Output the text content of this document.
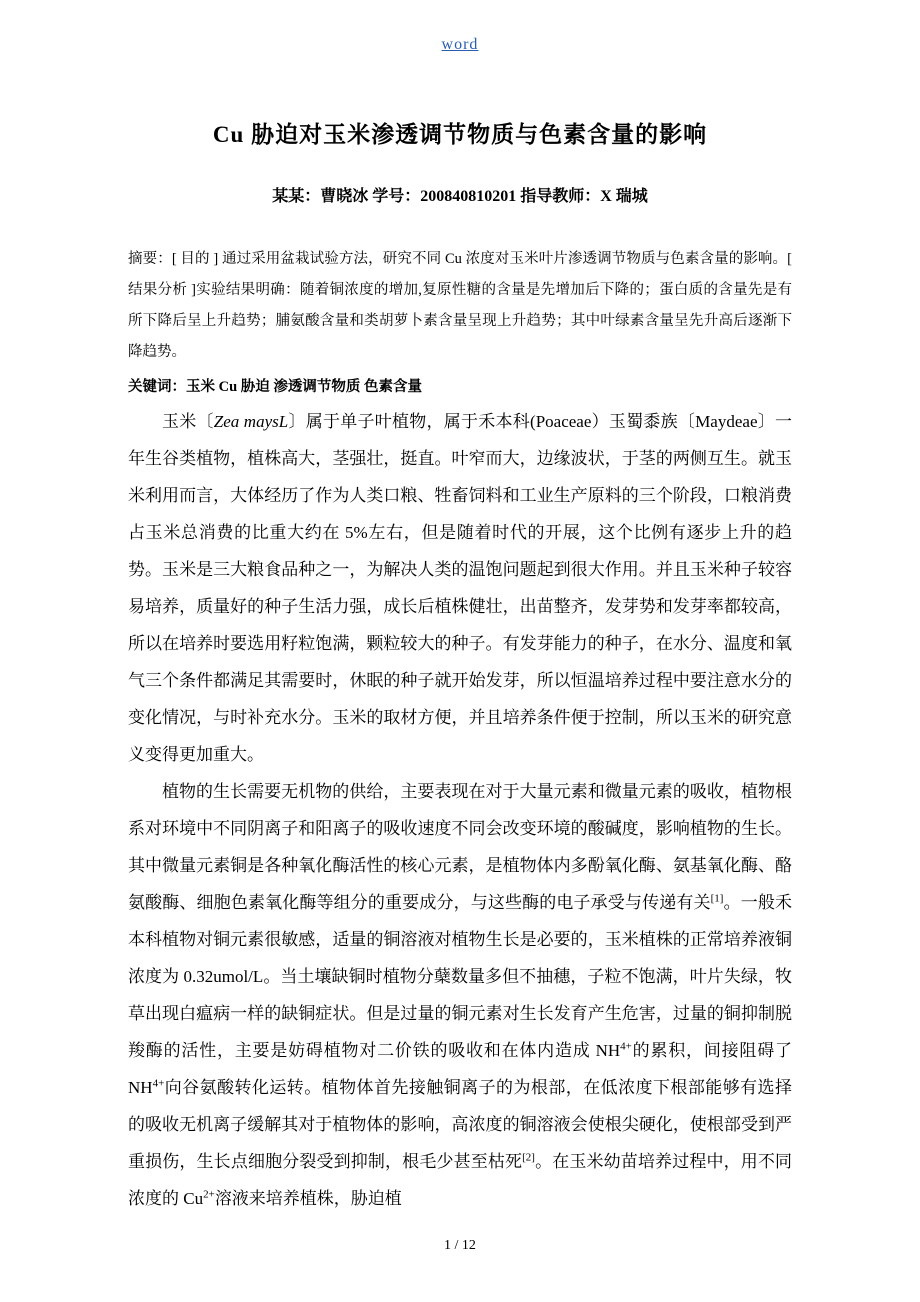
word
Cu 胁迫对玉米渗透调节物质与色素含量的影响
某某：曹晓冰 学号：200840810201 指导教师：X 瑞城

摘要：[ 目的 ] 通过采用盆栽试验方法，研究不同 Cu 浓度对玉米叶片渗透调节物质与色素含量的影响。[ 结果分析 ]实验结果明确：随着铜浓度的增加,复原性糖的含量是先增加后下降的；蛋白质的含量先是有所下降后呈上升趋势；脯氨酸含量和类胡萝卜素含量呈现上升趋势；其中叶绿素含量呈先升高后逐渐下降趋势。

关键词：玉米 Cu 胁迫 渗透调节物质 色素含量

玉米〔Zea maysL〕属于单子叶植物，属于禾本科(Poaceae）玉蜀黍族〔Maydeae〕一年生谷类植物，植株高大，茎强壮，挺直。叶窄而大，边缘波状，于茎的两侧互生。就玉米利用而言，大体经历了作为人类口粮、牲畜饲料和工业生产原料的三个阶段，口粮消费占玉米总消费的比重大约在 5%左右，但是随着时代的开展，这个比例有逐步上升的趋势。玉米是三大粮食品种之一，为解决人类的温饱问题起到很大作用。并且玉米种子较容易培养，质量好的种子生活力强，成长后植株健壮，出苗整齐，发芽势和发芽率都较高，所以在培养时要选用籽粒饱满，颗粒较大的种子。有发芽能力的种子，在水分、温度和氧气三个条件都满足其需要时，休眠的种子就开始发芽，所以恒温培养过程中要注意水分的变化情况，与时补充水分。玉米的取材方便，并且培养条件便于控制，所以玉米的研究意义变得更加重大。

植物的生长需要无机物的供给，主要表现在对于大量元素和微量元素的吸收，植物根系对环境中不同阴离子和阳离子的吸收速度不同会改变环境的酸碱度，影响植物的生长。其中微量元素铜是各种氧化酶活性的核心元素，是植物体内多酚氧化酶、氨基氧化酶、酪氨酸酶、细胞色素氧化酶等组分的重要成分，与这些酶的电子承受与传递有关[1]。一般禾本科植物对铜元素很敏感，适量的铜溶液对植物生长是必要的，玉米植株的正常培养液铜浓度为 0.32umol/L。当土壤缺铜时植物分蘖数量多但不抽穗，子粒不饱满，叶片失绿，牧草出现白瘟病一样的缺铜症状。但是过量的铜元素对生长发育产生危害，过量的铜抑制脱羧酶的活性，主要是妨碍植物对二价铁的吸收和在体内造成 $NH^{4+}$的累积，间接阻碍了 $NH^{4+}$向谷氨酸转化运转。植物体首先接触铜离子的为根部，在低浓度下根部能够有选择的吸收无机离子缓解其对于植物体的影响，高浓度的铜溶液会使根尖硬化，使根部受到严重损伤，生长点细胞分裂受到抑制，根毛少甚至枯死[2]。在玉米幼苗培养过程中，用不同浓度的 $Cu^{2+}$溶液来培养植株，胁迫植

1 / 12
